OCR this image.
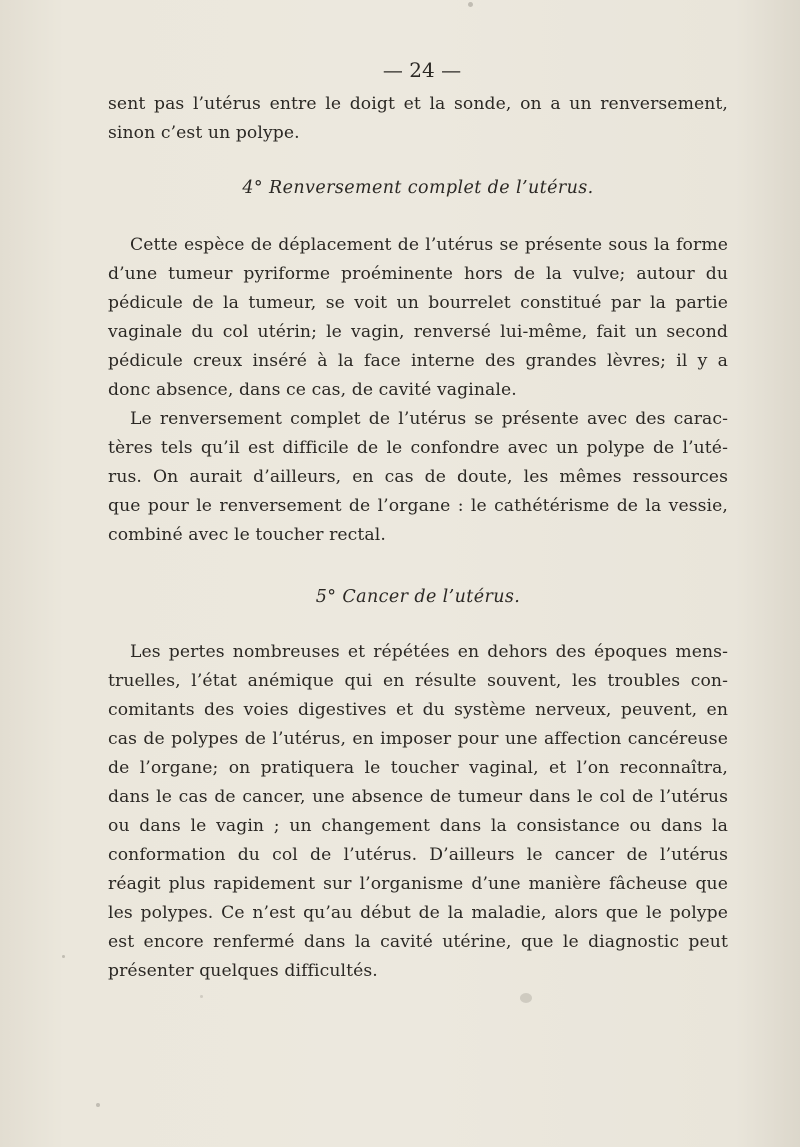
— 24 —
sent pas l’utérus entre le doigt et la sonde, on a un renversement,
sinon c’est un polype.
4° Renversement complet de l’utérus.
Cette espèce de déplacement de l’utérus se présente sous la forme
d’une tumeur pyriforme proéminente hors de la vulve; autour du
pédicule de la tumeur, se voit un bourrelet constitué par la partie
vaginale du col utérin; le vagin, renversé lui-même, fait un second
pédicule creux inséré à la face interne des grandes lèvres; il y a
donc absence, dans ce cas, de cavité vaginale.
Le renversement complet de l’utérus se présente avec des carac-
tères tels qu’il est difficile de le confondre avec un polype de l’uté-
rus. On aurait d’ailleurs, en cas de doute, les mêmes ressources
que pour le renversement de l’organe : le cathétérisme de la vessie,
combiné avec le toucher rectal.
5° Cancer de l’utérus.
Les pertes nombreuses et répétées en dehors des époques mens-
truelles, l’état anémique qui en résulte souvent, les troubles con-
comitants des voies digestives et du système nerveux, peuvent, en
cas de polypes de l’utérus, en imposer pour une affection cancéreuse
de l’organe; on pratiquera le toucher vaginal, et l’on reconnaîtra,
dans le cas de cancer, une absence de tumeur dans le col de l’utérus
ou dans le vagin ; un changement dans la consistance ou dans la
conformation du col de l’utérus. D’ailleurs le cancer de l’utérus
réagit plus rapidement sur l’organisme d’une manière fâcheuse que
les polypes. Ce n’est qu’au début de la maladie, alors que le polype
est encore renfermé dans la cavité utérine, que le diagnostic peut
présenter quelques difficultés.
